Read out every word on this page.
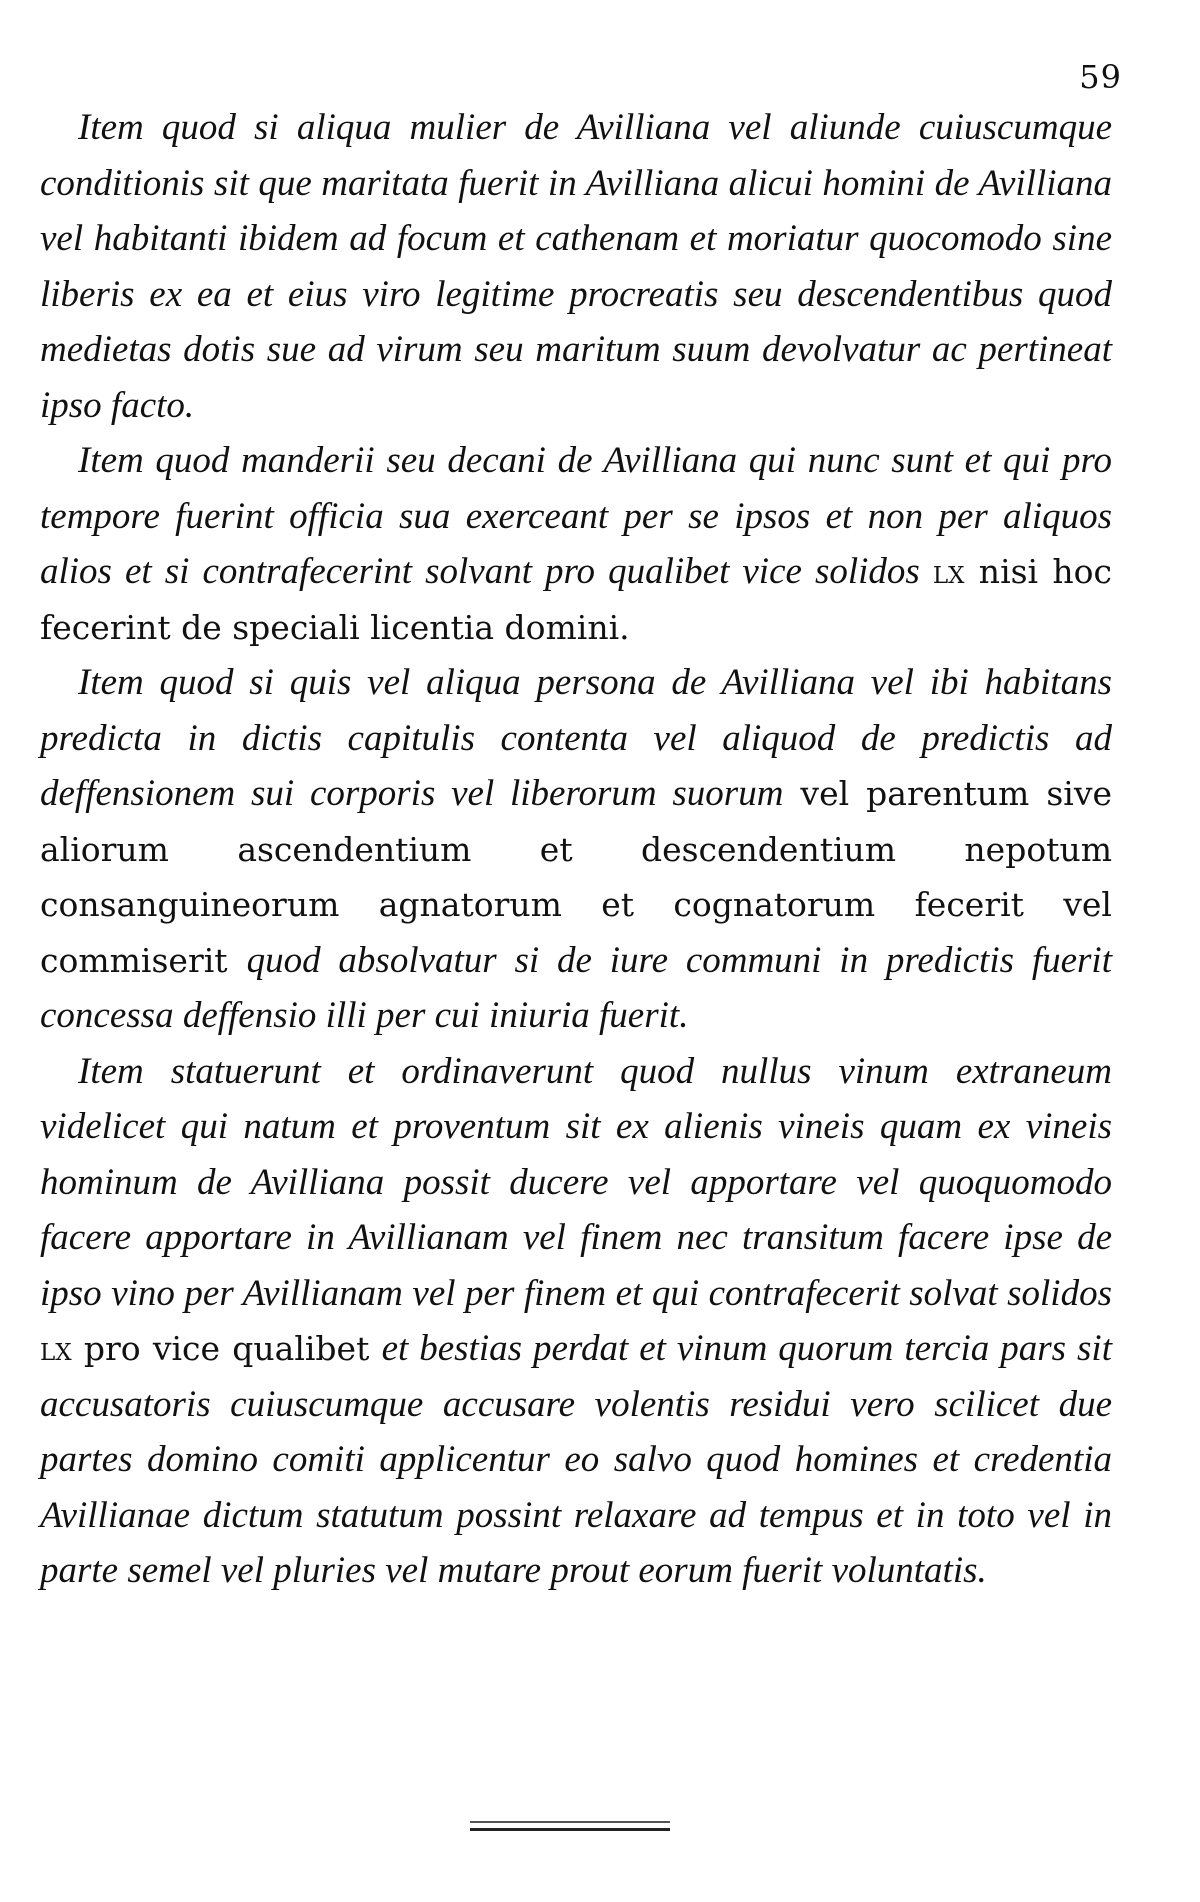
59

Item quod si aliqua mulier de Avilliana vel aliunde cuiuscumque conditionis sit que maritata fuerit in Avilliana alicui homini de Avilliana vel habitanti ibidem ad focum et cathenam et moriatur quocomodo sine liberis ex ea et eius viro legitime procreatis seu descendentibus quod medietas dotis sue ad virum seu maritum suum devolvatur ac pertineat ipso facto.

Item quod manderii seu decani de Avilliana qui nunc sunt et qui pro tempore fuerint officia sua exerceant per se ipsos et non per aliquos alios et si contrafecerint solvant pro qualibet vice solidos lx nisi hoc fecerint de speciali licentia domini.

Item quod si quis vel aliqua persona de Avilliana vel ibi habitans predicta in dictis capitulis contenta vel aliquod de predictis ad deffensionem sui corporis vel liberorum suorum vel parentum sive aliorum ascendentium et descendentium nepotum consanguineorum agnatorum et cognatorum fecerit vel commiserit quod absolvatur si de iure communi in predictis fuerit concessa deffensio illi per cui iniuria fuerit.

Item statuerunt et ordinaverunt quod nullus vinum extraneum videlicet qui natum et proventum sit ex alienis vineis quam ex vineis hominum de Avilliana possit ducere vel apportare vel quoquomodo facere apportare in Avillianam vel finem nec transitum facere ipse de ipso vino per Avillianam vel per finem et qui contrafecerit solvat solidos lx pro vice qualibet et bestias perdat et vinum quorum tercia pars sit accusatoris cuiuscumque accusare volentis residui vero scilicet due partes domino comiti applicentur eo salvo quod homines et credentia Avillianae dictum statutum possint relaxare ad tempus et in toto vel in parte semel vel pluries vel mutare prout eorum fuerit voluntatis.
